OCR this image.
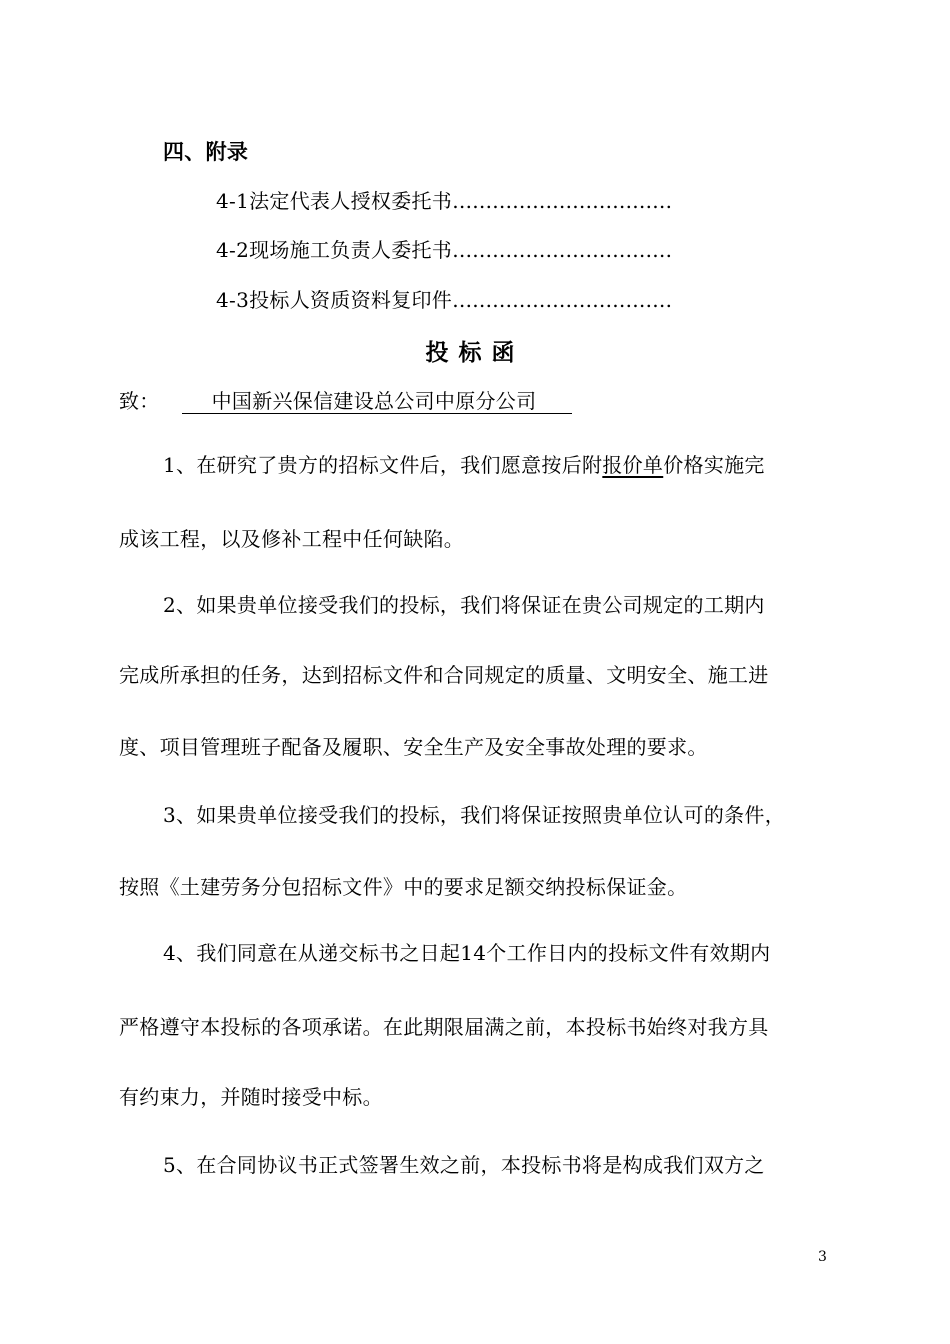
四、附录
4-1法定代表人授权委托书……………………………
4-2现场施工负责人委托书……………………………
4-3投标人资质资料复印件……………………………
投标函
致：	中国新兴保信建设总公司中原分公司
1、在研究了贵方的招标文件后，我们愿意按后附报价单价格实施完
成该工程，以及修补工程中任何缺陷。
2、如果贵单位接受我们的投标，我们将保证在贵公司规定的工期内
完成所承担的任务，达到招标文件和合同规定的质量、文明安全、施工进
度、项目管理班子配备及履职、安全生产及安全事故处理的要求。
3、如果贵单位接受我们的投标，我们将保证按照贵单位认可的条件，
按照《土建劳务分包招标文件》中的要求足额交纳投标保证金。
4、我们同意在从递交标书之日起14个工作日内的投标文件有效期内
严格遵守本投标的各项承诺。在此期限届满之前，本投标书始终对我方具
有约束力，并随时接受中标。
5、在合同协议书正式签署生效之前，本投标书将是构成我们双方之
3
